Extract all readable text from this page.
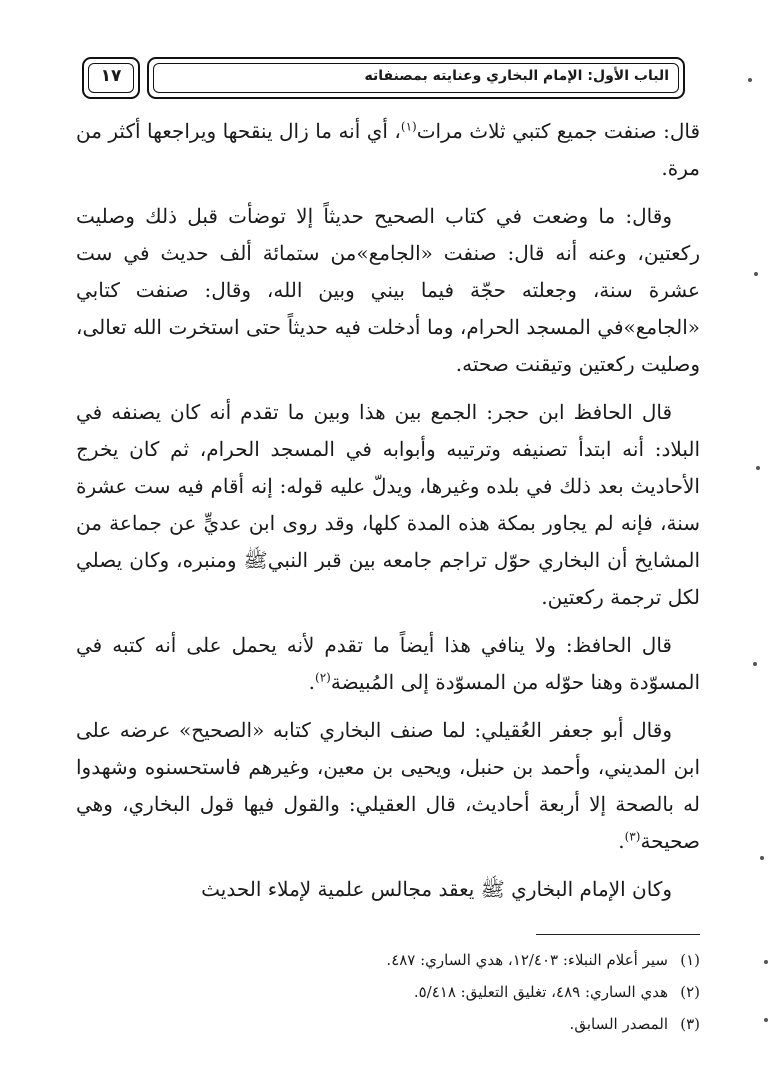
الباب الأول: الإمام البخاري وعنايته بمصنفاته
١٧

قال: صنفت جميع كتبي ثلاث مرات$^{(١)}$، أي أنه ما زال ينقحها ويراجعها أكثر من مرة.

وقال: ما وضعت في كتاب الصحيح حديثاً إلا توضأت قبل ذلك وصليت ركعتين، وعنه أنه قال: صنفت «الجامع»من ستمائة ألف حديث في ست عشرة سنة، وجعلته حجّة فيما بيني وبين الله، وقال: صنفت كتابي «الجامع»في المسجد الحرام، وما أدخلت فيه حديثاً حتى استخرت الله تعالى، وصليت ركعتين وتيقنت صحته.

قال الحافظ ابن حجر: الجمع بين هذا وبين ما تقدم أنه كان يصنفه في البلاد: أنه ابتدأ تصنيفه وترتيبه وأبوابه في المسجد الحرام، ثم كان يخرج الأحاديث بعد ذلك في بلده وغيرها، ويدلّ عليه قوله: إنه أقام فيه ست عشرة سنة، فإنه لم يجاور بمكة هذه المدة كلها، وقد روى ابن عديٍّ عن جماعة من المشايخ أن البخاري حوّل تراجم جامعه بين قبر النبيﷺ ومنبره، وكان يصلي لكل ترجمة ركعتين.

قال الحافظ: ولا ينافي هذا أيضاً ما تقدم لأنه يحمل على أنه كتبه في المسوّدة وهنا حوّله من المسوّدة إلى المُبيضة$^{(٢)}$.

وقال أبو جعفر العُقيلي: لما صنف البخاري كتابه «الصحيح» عرضه على ابن المديني، وأحمد بن حنبل، ويحيى بن معين، وغيرهم فاستحسنوه وشهدوا له بالصحة إلا أربعة أحاديث، قال العقيلي: والقول فيها قول البخاري، وهي صحيحة$^{(٣)}$.

وكان الإمام البخاري ﷺ يعقد مجالس علمية لإملاء الحديث

(١)سير أعلام النبلاء: ١٢/٤٠٣، هدي الساري: ٤٨٧.
(٢)هدي الساري: ٤٨٩، تغليق التعليق: ٥/٤١٨.
(٣)المصدر السابق.
